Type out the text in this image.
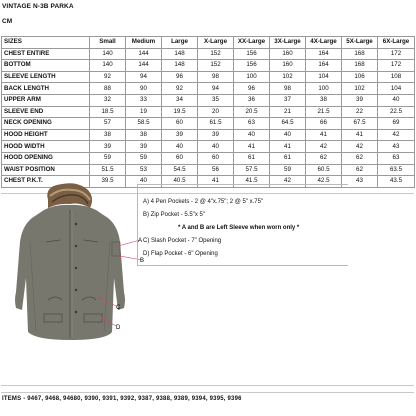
VINTAGE N-3B PARKA
CM
SIZES	Small	Medium	Large	X-Large	XX-Large	3X-Large	4X-Large	5X-Large	6X-Large
CHEST ENTIRE	140	144	148	152	156	160	164	168	172
BOTTOM	140	144	148	152	156	160	164	168	172
SLEEVE LENGTH	92	94	96	98	100	102	104	106	108
BACK LENGTH	88	90	92	94	96	98	100	102	104
UPPER ARM	32	33	34	35	36	37	38	39	40
SLEEVE END	18.5	19	19.5	20	20.5	21	21.5	22	22.5
NECK OPENING	57	58.5	60	61.5	63	64.5	66	67.5	69
HOOD HEIGHT	38	38	39	39	40	40	41	41	42
HOOD WIDTH	39	39	40	40	41	41	42	42	43
HOOD OPENING	59	59	60	60	61	61	62	62	63
WAIST POSITION	51.5	53	54.5	56	57.5	59	60.5	62	63.5
CHEST P.K.T.	39.5	40	40.5	41	41.5	42	42.5	43	43.5
A
B
C
D
A) 4 Pen Pockets - 2 @ 4"x.75"; 2 @ 5" x.75"
B) Zip Pocket - 5.5"x 5"
* A and B are Left Sleeve when worn only *
C) Slash Pocket - 7" Opening
D) Flap Pocket - 6" Opening
ITEMS - 9467, 9468, 94680, 9390, 9391, 9392, 9387, 9388, 9389, 9394, 9395, 9396
